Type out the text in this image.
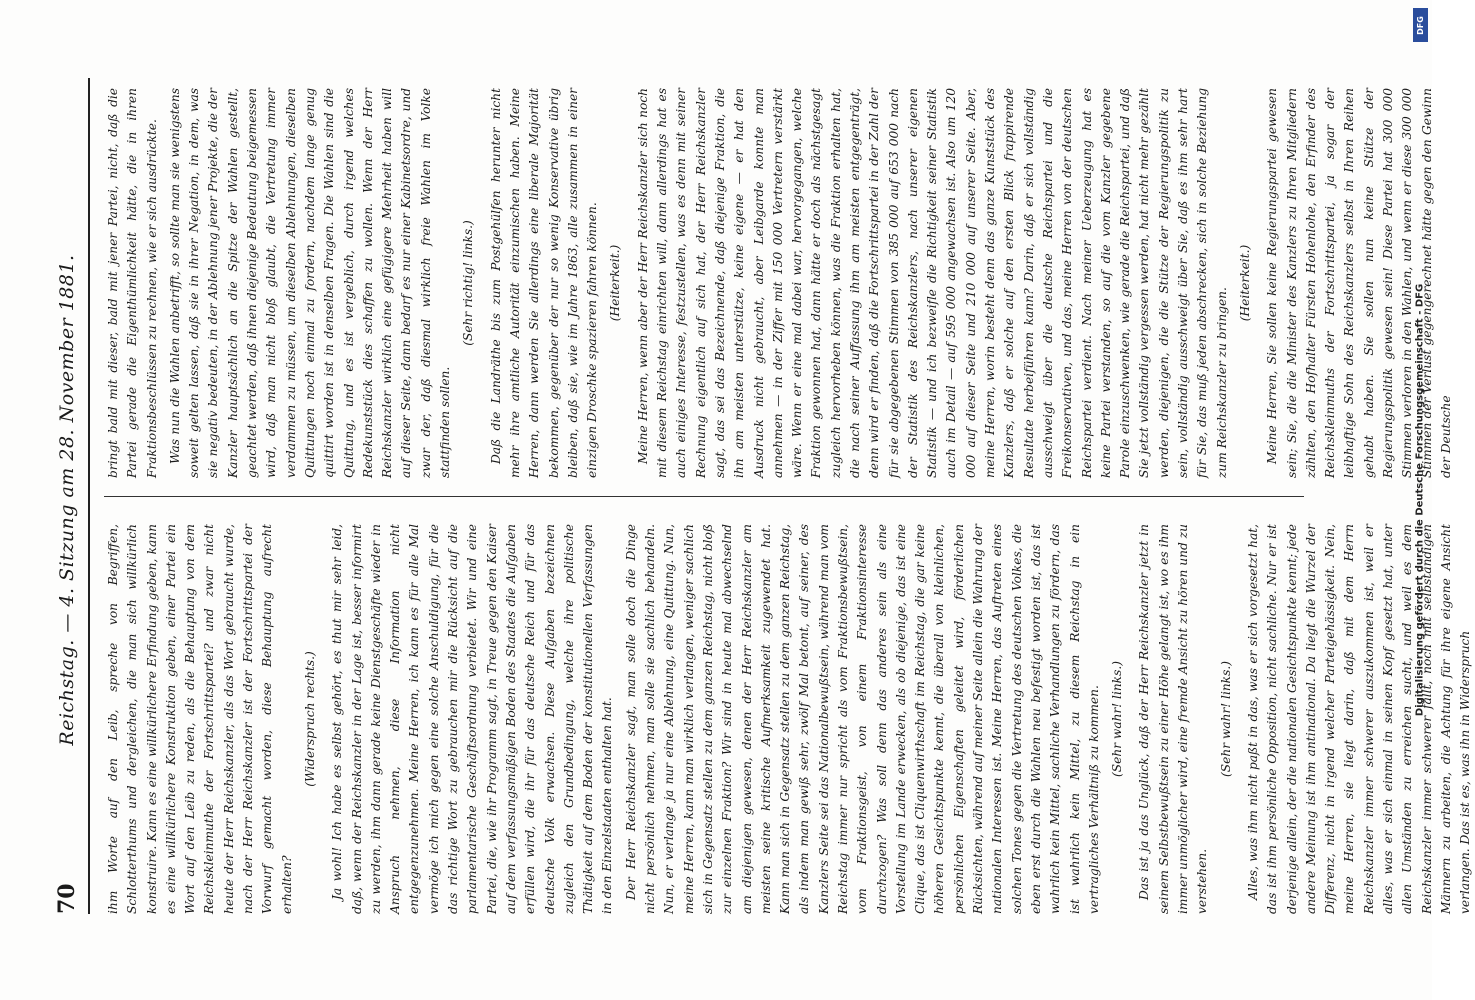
70
Reichstag. — 4. Sitzung am 28. November 1881. ihm Worte auf den Leib, spreche von Begriffen, Schlotterthums und dergleichen, die man sich willkürlich konstruire. Kann es eine willkürlichere Erfindung geben, kann es eine willkürlichere Konstruktion geben, einer Partei ein Wort auf den Leib zu reden, als die Behauptung von dem Reichskleinmuthe der Fortschrittspartei? und zwar nicht heute der Herr Reichskanzler, als das Wort gebraucht wurde, nach der Herr Reichskanzler ist der Fortschrittspartei der Vorwurf gemacht worden, diese Behauptung aufrecht erhalten?

(Widerspruch rechts.) Ja wohl! Ich habe es selbst gehört, es thut mir sehr leid, daß, wenn der Reichskanzler in der Lage ist, besser informirt zu werden, ihm dann gerade keine Dienstgeschäfte wieder in Anspruch nehmen, diese Information nicht entgegenzunehmen. Meine Herren, ich kann es für alle Mal vermöge ich mich gegen eine solche Anschuldigung, für die das richtige Wort zu gebrauchen mir die Rücksicht auf die parlamentarische Geschäftsordnung verbietet. Wir und eine Partei, die, wie ihr Programm sagt, in Treue gegen den Kaiser auf dem verfassungsmäßigen Boden des Staates die Aufgaben erfüllen wird, die ihr für das deutsche Reich und für das deutsche Volk erwachsen. Diese Aufgaben bezeichnen zugleich den Grundbedingung, welche ihre politische Thätigkeit auf dem Boden der konstitutionellen Verfassungen in den Einzelstaaten enthalten hat. Der Herr Reichskanzler sagt, man solle doch die Dinge nicht persönlich nehmen, man solle sie sachlich behandeln. Nun, er verlange ja nur eine Ablehnung, eine Quittung. Nun, meine Herren, kann man wirklich verlangen, weniger sachlich sich in Gegensatz stellen zu dem ganzen Reichstag, nicht bloß zur einzelnen Fraktion? Wir sind in heute mal abwechselnd am diejenigen gewesen, denen der Herr Reichskanzler am meisten seine kritische Aufmerksamkeit zugewendet hat. Kann man sich in Gegensatz stellen zu dem ganzen Reichstag, als indem man gewiß sehr, zwölf Mal betont, auf seiner, des Kanzlers Seite sei das Nationalbewußtsein, während man vom Reichstag immer nur spricht als vom Fraktionsbewußtsein, vom Fraktionsgeist, von einem Fraktionsinteresse durchzogen? Was soll denn das anderes sein als eine Vorstellung im Lande erwecken, als ob diejenige, das ist eine Clique, das ist Cliquenwirthschaft im Reichstag, die gar keine höheren Gesichtspunkte kennt, die überall von kleinlichen, persönlichen Eigenschaften geleitet wird, förderlichen Rücksichten, während auf meiner Seite allein die Wahrung der nationalen Interessen ist. Meine Herren, das Auftreten eines solchen Tones gegen die Vertretung des deutschen Volkes, die eben erst durch die Wahlen neu befestigt worden ist, das ist wahrlich kein Mittel, sachliche Verhandlungen zu fördern, das ist wahrlich kein Mittel, zu diesem Reichstag in ein vertragliches Verhältniß zu kommen. (Sehr wahr! links.) Das ist ja das Unglück, daß der Herr Reichskanzler jetzt in seinem Selbstbewußtsein zu einer Höhe gelangt ist, wo es ihm immer unmöglicher wird, eine fremde Ansicht zu hören und zu verstehen.

(Sehr wahr! links.) Alles, was ihm nicht paßt in das, was er sich vorgesetzt hat, das ist ihm persönliche Opposition, nicht sachliche. Nur er ist derjenige allein, der die nationalen Gesichtspunkte kennt; jede andere Meinung ist ihm antinational. Da liegt die Wurzel der Differenz, nicht in irgend welcher Parteigehässigkeit. Nein, meine Herren, sie liegt darin, daß mit dem Herrn Reichskanzler immer schwerer auszukommen ist, weil er alles, was er sich einmal in seinen Kopf gesetzt hat, unter allen Umständen zu erreichen sucht, und weil es dem Reichskanzler immer schwerer fällt, noch mit selbständigen Männern zu arbeiten, die Achtung für ihre eigene Ansicht verlangen. Das ist es, was ihn in Widerspruch

bringt bald mit dieser, bald mit jener Partei, nicht, daß die Partei gerade die Eigenthümlichkeit hätte, die in ihren Fraktionsbeschlüssen zu rechnen, wie er sich ausdrückte. Was nun die Wahlen anbetrifft, so sollte man sie wenigstens soweit gelten lassen, daß sie in ihrer Negation, in dem, was sie negativ bedeuten, in der Ablehnung jener Projekte, die der Kanzler hauptsächlich an die Spitze der Wahlen gestellt, geachtet werden, daß ihnen diejenige Bedeutung beigemessen wird, daß man nicht bloß glaubt, die Vertretung immer verdammen zu müssen, um dieselben Ablehnungen, dieselben Quittungen noch einmal zu fordern, nachdem lange genug quittirt worden ist in denselben Fragen. Die Wahlen sind die Quittung, und es ist vergeblich, durch irgend welches Redekunststück dies schaffen zu wollen. Wenn der Herr Reichskanzler wirklich eine gefügigere Mehrheit haben will auf dieser Seite, dann bedarf es nur einer Kabinetsordre, und zwar der, daß diesmal wirklich freie Wahlen im Volke stattfinden sollen.

(Sehr richtig! links.) Daß die Landräthe bis zum Postgehülfen herunter nicht mehr ihre amtliche Autorität einzumischen haben. Meine Herren, dann werden Sie allerdings eine liberale Majorität bekommen, gegenüber der nur so wenig Konservative übrig bleiben, daß sie, wie im Jahre 1863, alle zusammen in einer einzigen Droschke spazieren fahren können. (Heiterkeit.) Meine Herren, wenn aber der Herr Reichskanzler sich noch mit diesem Reichstag einrichten will, dann allerdings hat es auch einiges Interesse, festzustellen, was es denn mit seiner Rechnung eigentlich auf sich hat, der Herr Reichskanzler sagt, das sei das Bezeichnende, daß diejenige Fraktion, die ihn am meisten unterstütze, keine eigene — er hat den Ausdruck nicht gebraucht, aber Leibgarde konnte man annehmen — in der Ziffer mit 150 000 Vertretern verstärkt wäre. Wenn er eine mal dabei war, hervorgegangen, welche Fraktion gewonnen hat, dann hätte er doch als nächstgesagt zugleich hervorheben können, was die Fraktion erhalten hat, die nach seiner Auffassung ihm am meisten entgegenträgt, denn wird er finden, daß die Fortschrittspartei in der Zahl der für sie abgegebenen Stimmen von 385 000 auf 653 000 nach der Statistik des Reichskanzlers, nach unserer eigenen Statistik — und ich bezweifle die Richtigkeit seiner Statistik auch im Detail — auf 595 000 angewachsen ist. Also um 120 000 auf dieser Seite und 210 000 auf unserer Seite. Aber, meine Herren, worin besteht denn das ganze Kunststück des Kanzlers, daß er solche auf den ersten Blick frappirende Resultate herbeiführen kann? Darin, daß er sich vollständig ausschweigt über die deutsche Reichspartei und die Freikonservativen, und das, meine Herren von der deutschen Reichspartei verdient. Nach meiner Ueberzeugung hat es keine Partei verstanden, so auf die vom Kanzler gegebene Parole einzuschwenken, wie gerade die Reichspartei, und daß Sie jetzt vollständig vergessen werden, hat nicht mehr gezählt werden, diejenigen, die die Stütze der Regierungspolitik zu sein, vollständig ausschweigt über Sie, daß es ihm sehr hart für Sie, das muß jeden abschrecken, sich in solche Beziehung zum Reichskanzler zu bringen.

(Heiterkeit.) Meine Herren, Sie sollen keine Regierungspartei gewesen sein; Sie, die die Minister des Kanzlers zu Ihren Mitgliedern zählten, den Hofhalter Fürsten Hohenlohe, den Erfinder des Reichskleinmuths der Fortschrittspartei, ja sogar der leibhaftige Sohn des Reichskanzlers selbst in Ihren Reihen gehabt haben. Sie sollen nun keine Stütze der Regierungspolitik gewesen sein! Diese Partei hat 300 000 Stimmen verloren in den Wahlen, und wenn er diese 300 000 Stimmen der Verlust gegengerechnet hätte gegen den Gewinn der Deutsche

Digitalisierung gefördert durch die Deutsche Forschungsgemeinschaft - DFG
DFG
